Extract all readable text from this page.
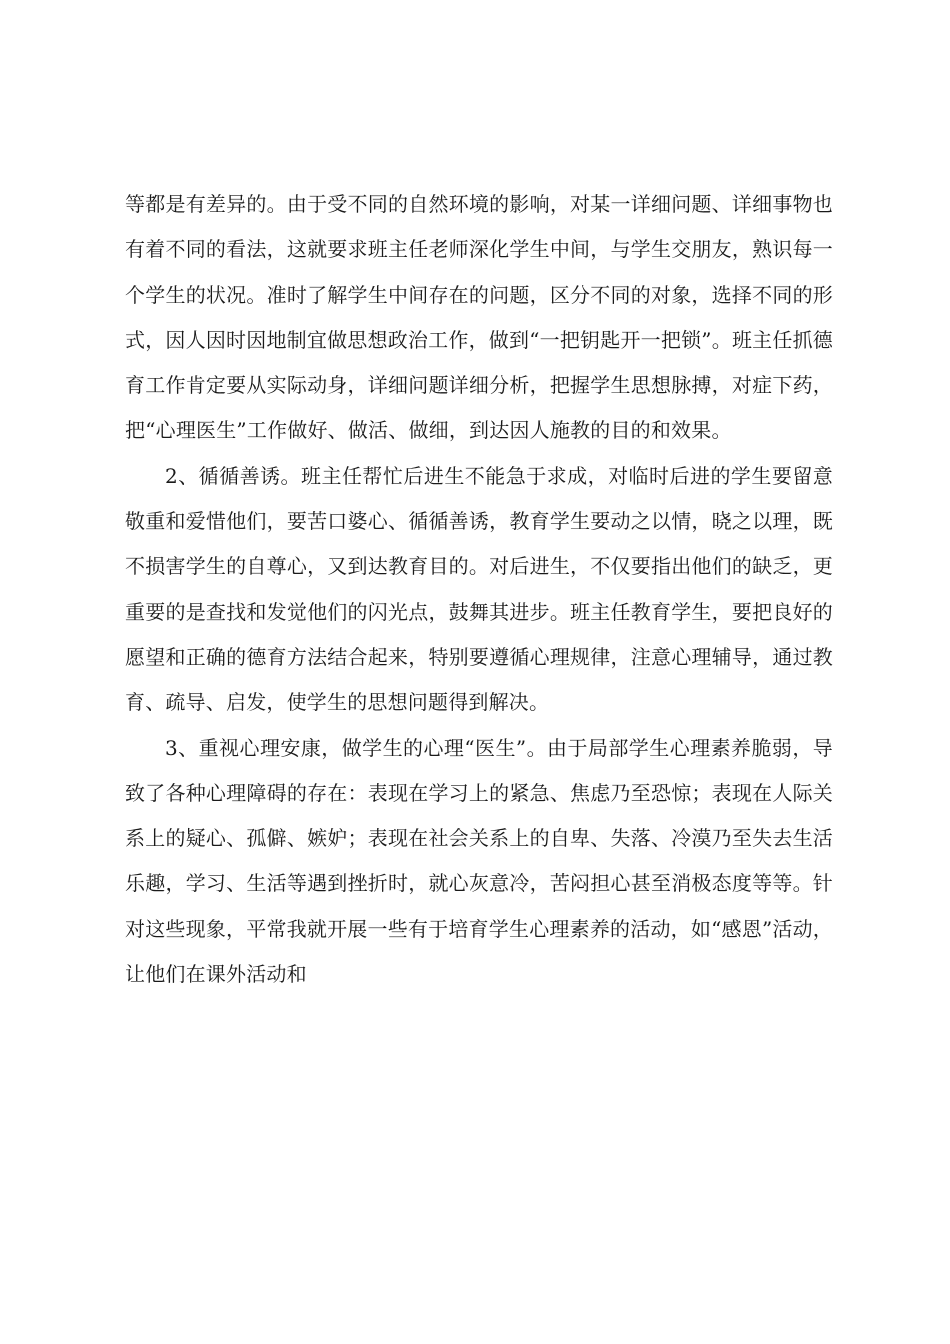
等都是有差异的。由于受不同的自然环境的影响，对某一详细问题、详细事物也有着不同的看法，这就要求班主任老师深化学生中间，与学生交朋友，熟识每一个学生的状况。准时了解学生中间存在的问题，区分不同的对象，选择不同的形式，因人因时因地制宜做思想政治工作，做到“一把钥匙开一把锁”。班主任抓德育工作肯定要从实际动身，详细问题详细分析，把握学生思想脉搏，对症下药，把“心理医生”工作做好、做活、做细，到达因人施教的目的和效果。

2、循循善诱。班主任帮忙后进生不能急于求成，对临时后进的学生要留意敬重和爱惜他们，要苦口婆心、循循善诱，教育学生要动之以情，晓之以理，既不损害学生的自尊心，又到达教育目的。对后进生，不仅要指出他们的缺乏，更重要的是查找和发觉他们的闪光点，鼓舞其进步。班主任教育学生，要把良好的愿望和正确的德育方法结合起来，特别要遵循心理规律，注意心理辅导，通过教育、疏导、启发，使学生的思想问题得到解决。

3、重视心理安康，做学生的心理“医生”。由于局部学生心理素养脆弱，导致了各种心理障碍的存在：表现在学习上的紧急、焦虑乃至恐惊；表现在人际关系上的疑心、孤僻、嫉妒；表现在社会关系上的自卑、失落、冷漠乃至失去生活乐趣，学习、生活等遇到挫折时，就心灰意冷，苦闷担心甚至消极态度等等。针对这些现象，平常我就开展一些有于培育学生心理素养的活动，如“感恩”活动，让他们在课外活动和
